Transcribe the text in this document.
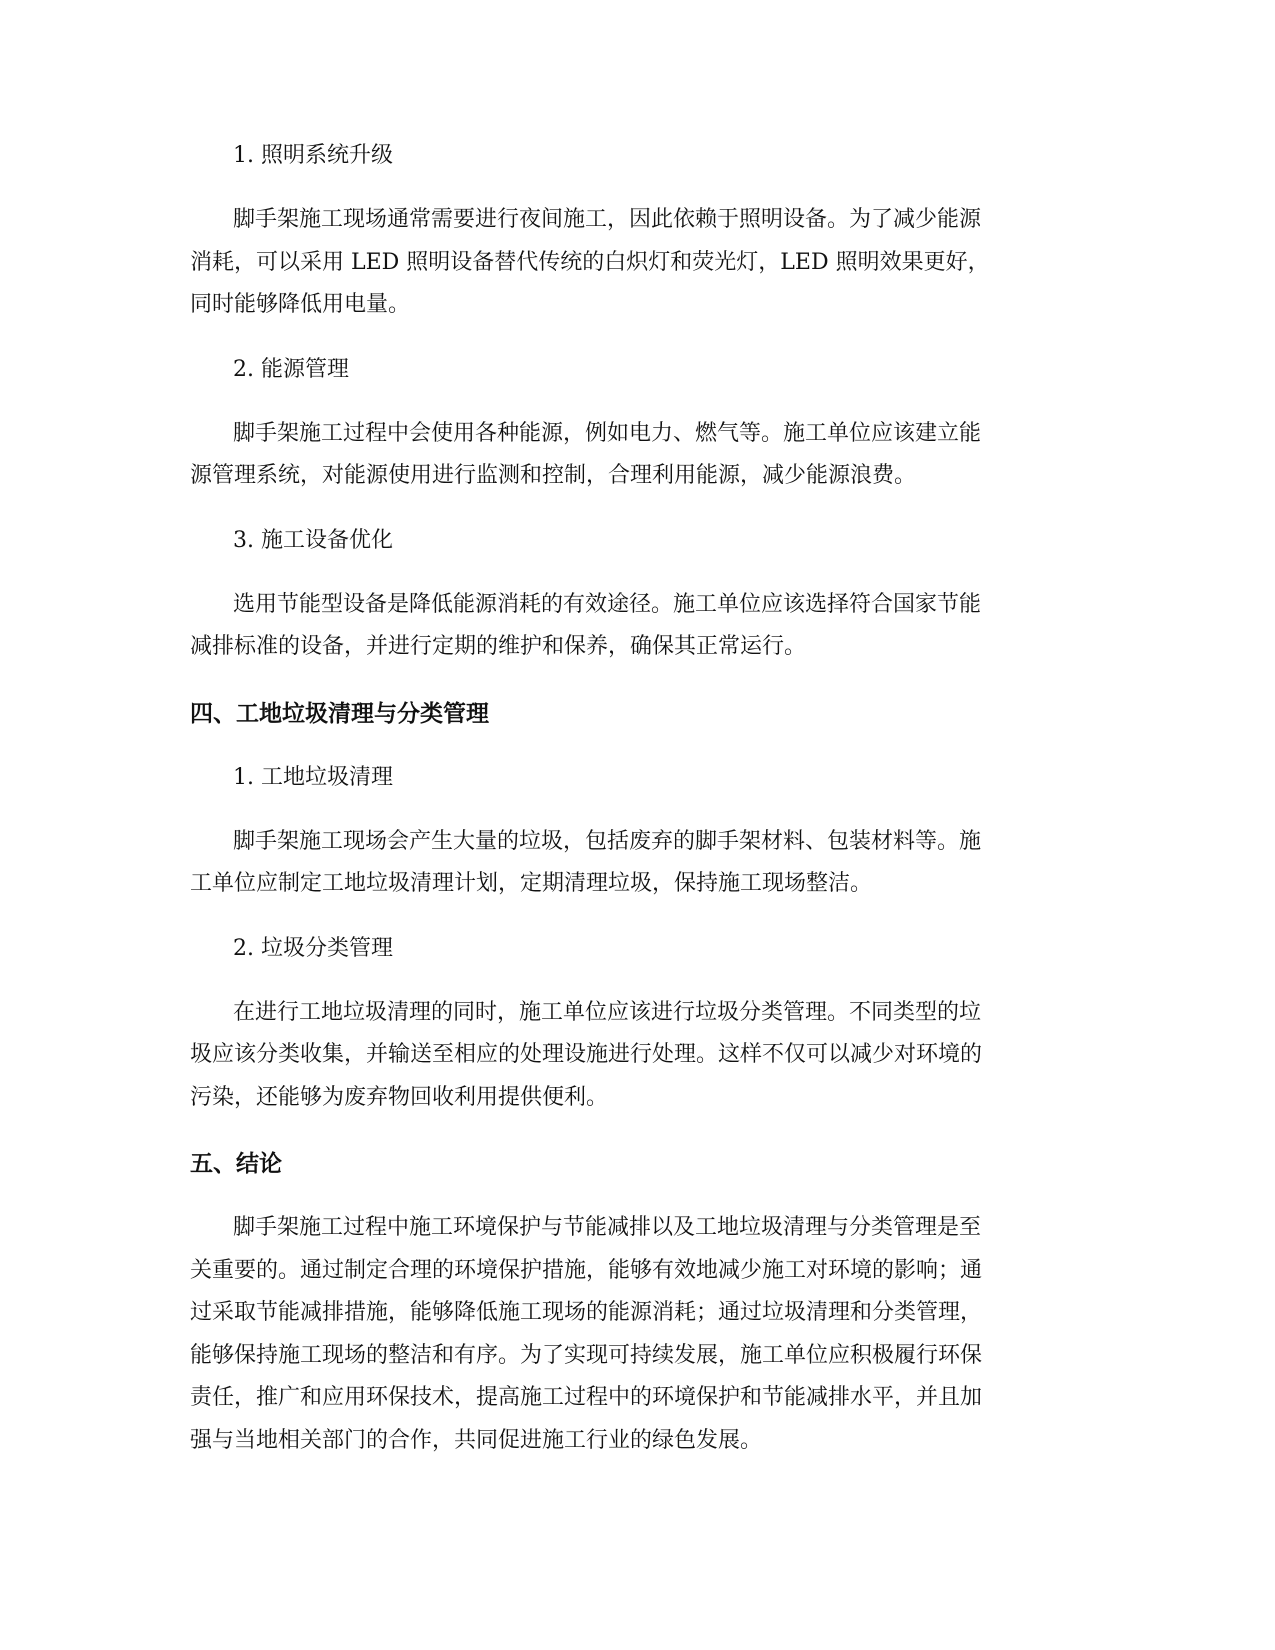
1. 照明系统升级

脚手架施工现场通常需要进行夜间施工，因此依赖于照明设备。为了减少能源
消耗，可以采用 LED 照明设备替代传统的白炽灯和荧光灯，LED 照明效果更好，
同时能够降低用电量。

2. 能源管理

脚手架施工过程中会使用各种能源，例如电力、燃气等。施工单位应该建立能
源管理系统，对能源使用进行监测和控制，合理利用能源，减少能源浪费。

3. 施工设备优化

选用节能型设备是降低能源消耗的有效途径。施工单位应该选择符合国家节能
减排标准的设备，并进行定期的维护和保养，确保其正常运行。

四、工地垃圾清理与分类管理

1. 工地垃圾清理

脚手架施工现场会产生大量的垃圾，包括废弃的脚手架材料、包装材料等。施
工单位应制定工地垃圾清理计划，定期清理垃圾，保持施工现场整洁。

2. 垃圾分类管理

在进行工地垃圾清理的同时，施工单位应该进行垃圾分类管理。不同类型的垃
圾应该分类收集，并输送至相应的处理设施进行处理。这样不仅可以减少对环境的
污染，还能够为废弃物回收利用提供便利。

五、结论

脚手架施工过程中施工环境保护与节能减排以及工地垃圾清理与分类管理是至
关重要的。通过制定合理的环境保护措施，能够有效地减少施工对环境的影响；通
过采取节能减排措施，能够降低施工现场的能源消耗；通过垃圾清理和分类管理，
能够保持施工现场的整洁和有序。为了实现可持续发展，施工单位应积极履行环保
责任，推广和应用环保技术，提高施工过程中的环境保护和节能减排水平，并且加
强与当地相关部门的合作，共同促进施工行业的绿色发展。
